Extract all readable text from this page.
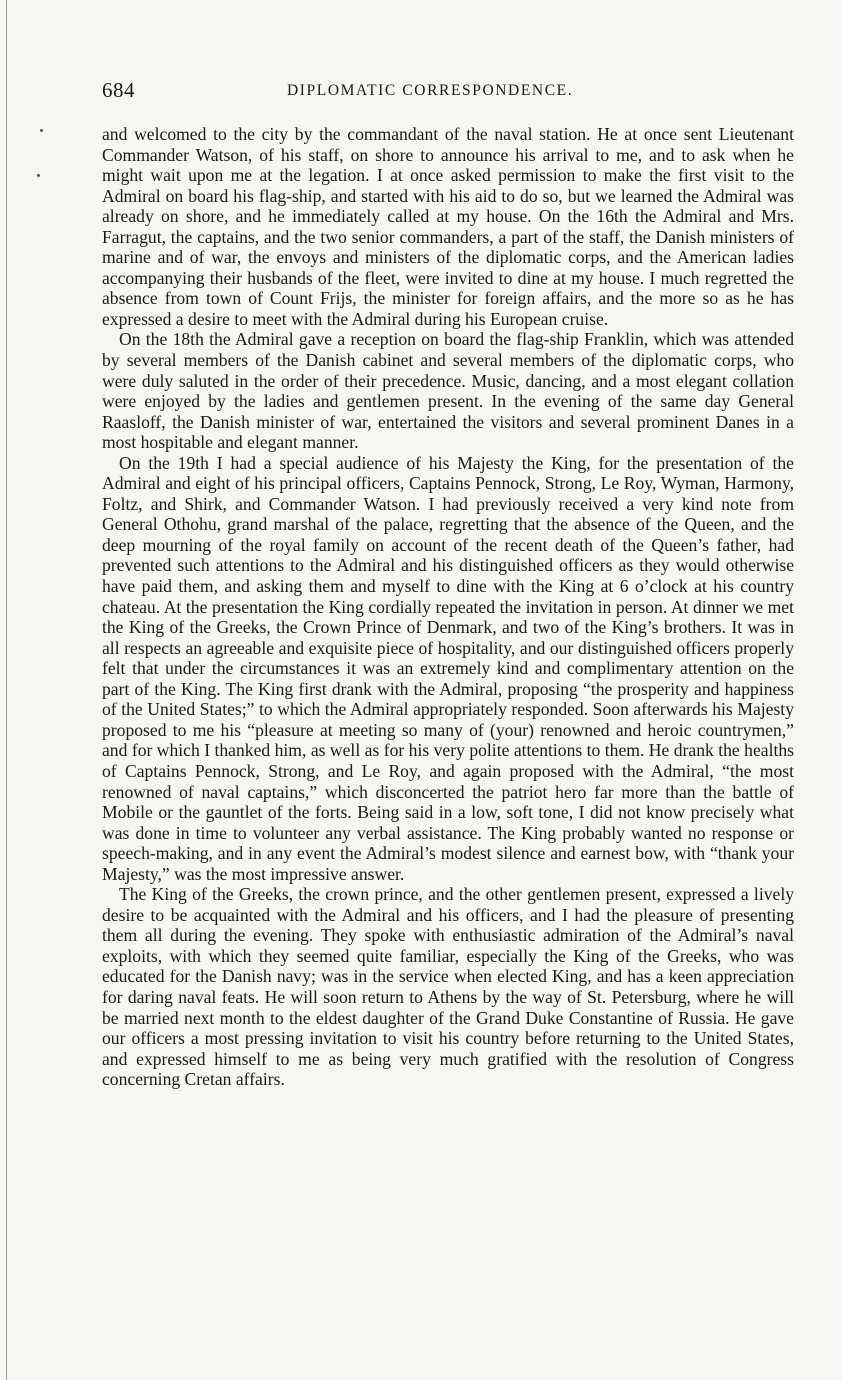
684	DIPLOMATIC CORRESPONDENCE.

and welcomed to the city by the commandant of the naval station. He at once sent Lieutenant Commander Watson, of his staff, on shore to announce his arrival to me, and to ask when he might wait upon me at the legation. I at once asked permission to make the first visit to the Admiral on board his flag-ship, and started with his aid to do so, but we learned the Admiral was already on shore, and he immediately called at my house. On the 16th the Admiral and Mrs. Farragut, the captains, and the two senior commanders, a part of the staff, the Danish ministers of marine and of war, the envoys and ministers of the diplomatic corps, and the American ladies accompanying their husbands of the fleet, were invited to dine at my house. I much regretted the absence from town of Count Frijs, the minister for foreign affairs, and the more so as he has expressed a desire to meet with the Admiral during his European cruise.

On the 18th the Admiral gave a reception on board the flag-ship Franklin, which was attended by several members of the Danish cabinet and several members of the diplomatic corps, who were duly saluted in the order of their precedence. Music, dancing, and a most elegant collation were enjoyed by the ladies and gentlemen present. In the evening of the same day General Raasloff, the Danish minister of war, entertained the visitors and several prominent Danes in a most hospitable and elegant manner.

On the 19th I had a special audience of his Majesty the King, for the presentation of the Admiral and eight of his principal officers, Captains Pennock, Strong, Le Roy, Wyman, Harmony, Foltz, and Shirk, and Commander Watson. I had previously received a very kind note from General Othohu, grand marshal of the palace, regretting that the absence of the Queen, and the deep mourning of the royal family on account of the recent death of the Queen’s father, had prevented such attentions to the Admiral and his distinguished officers as they would otherwise have paid them, and asking them and myself to dine with the King at 6 o’clock at his country chateau. At the presentation the King cordially repeated the invitation in person. At dinner we met the King of the Greeks, the Crown Prince of Denmark, and two of the King’s brothers. It was in all respects an agreeable and exquisite piece of hospitality, and our distinguished officers properly felt that under the circumstances it was an extremely kind and complimentary attention on the part of the King. The King first drank with the Admiral, proposing “the prosperity and happiness of the United States;” to which the Admiral appropriately responded. Soon afterwards his Majesty proposed to me his “pleasure at meeting so many of (your) renowned and heroic countrymen,” and for which I thanked him, as well as for his very polite attentions to them. He drank the healths of Captains Pennock, Strong, and Le Roy, and again proposed with the Admiral, “the most renowned of naval captains,” which disconcerted the patriot hero far more than the battle of Mobile or the gauntlet of the forts. Being said in a low, soft tone, I did not know precisely what was done in time to volunteer any verbal assistance. The King probably wanted no response or speech-making, and in any event the Admiral’s modest silence and earnest bow, with “thank your Majesty,” was the most impressive answer.

The King of the Greeks, the crown prince, and the other gentlemen present, expressed a lively desire to be acquainted with the Admiral and his officers, and I had the pleasure of presenting them all during the evening. They spoke with enthusiastic admiration of the Admiral’s naval exploits, with which they seemed quite familiar, especially the King of the Greeks, who was educated for the Danish navy; was in the service when elected King, and has a keen appreciation for daring naval feats. He will soon return to Athens by the way of St. Petersburg, where he will be married next month to the eldest daughter of the Grand Duke Constantine of Russia. He gave our officers a most pressing invitation to visit his country before returning to the United States, and expressed himself to me as being very much gratified with the resolution of Congress concerning Cretan affairs.
